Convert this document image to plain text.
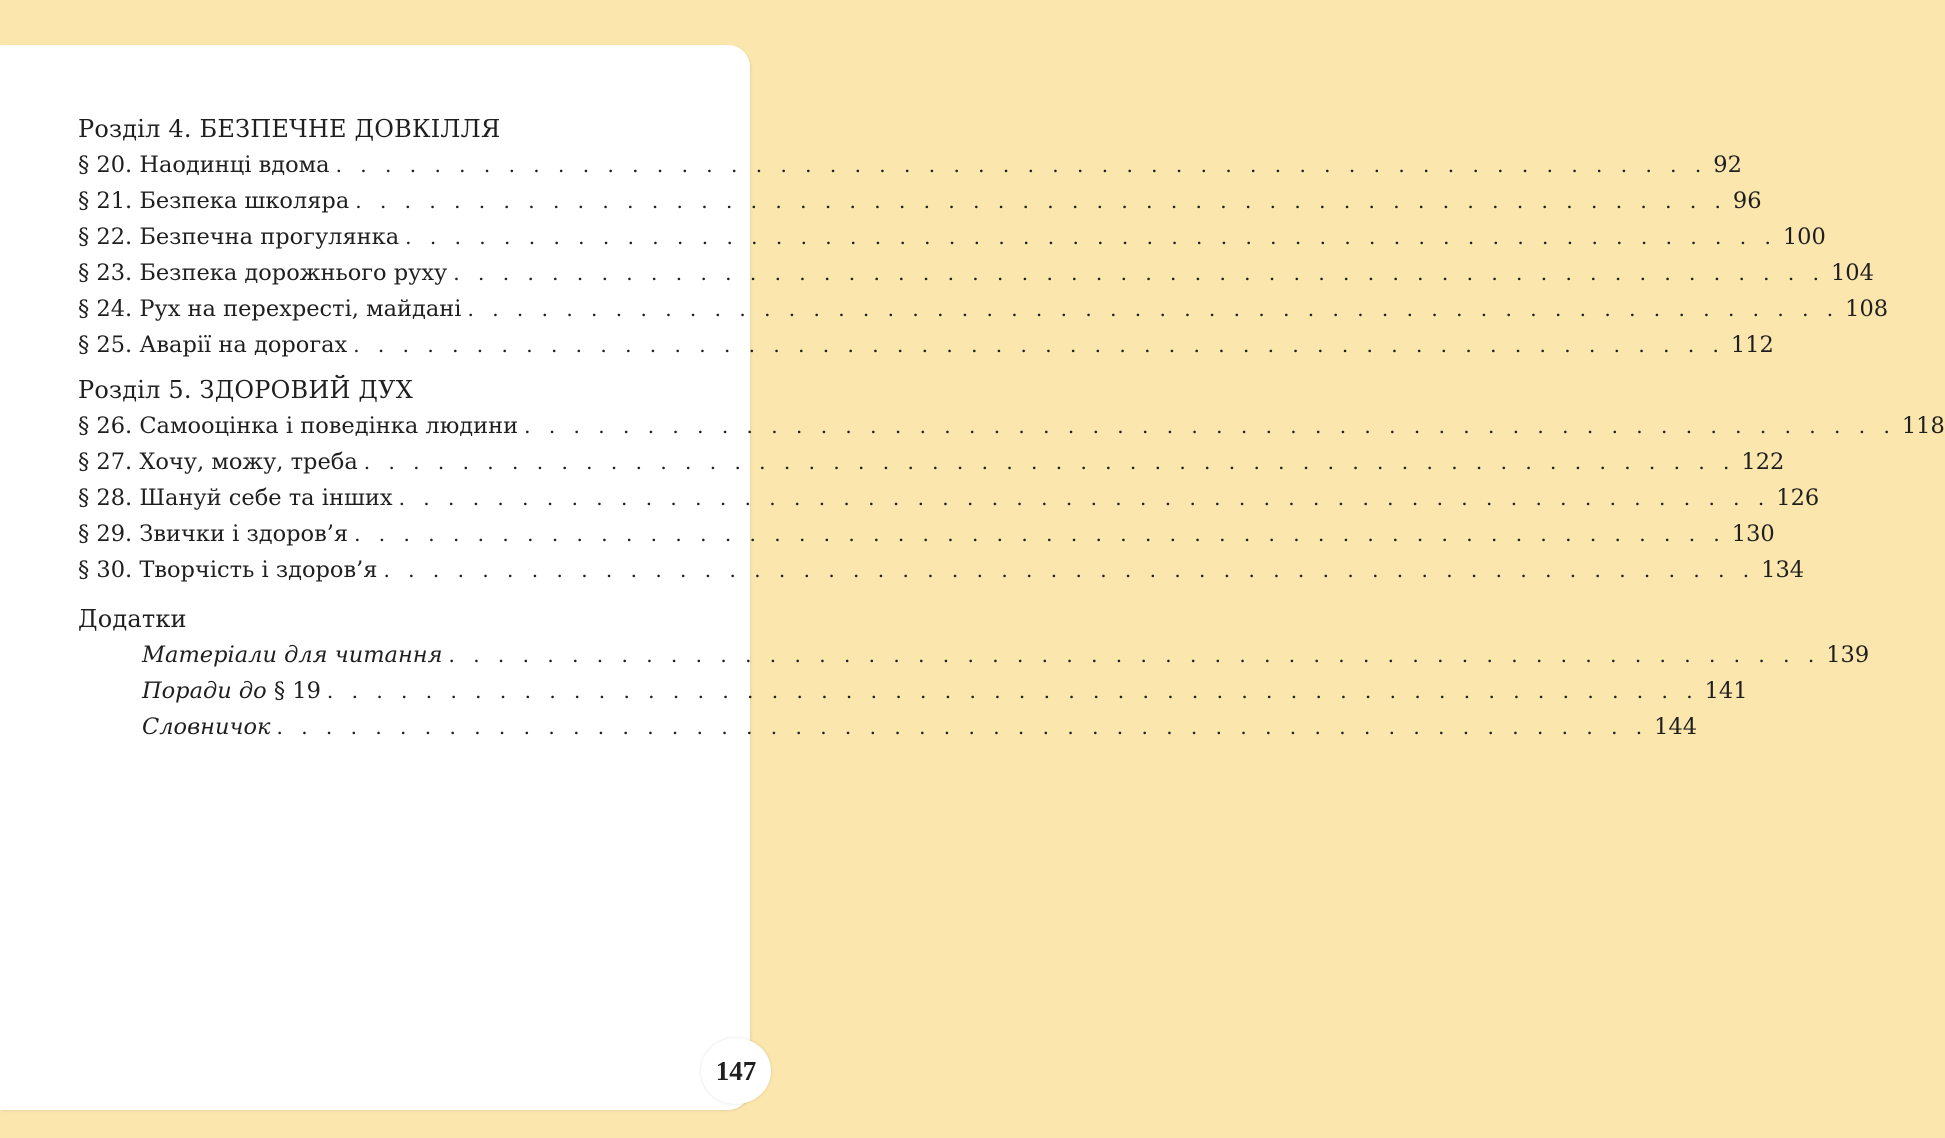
Розділ 4. БЕЗПЕЧНЕ ДОВКІЛЛЯ
§ 20. Наодинці вдома . . . . . . . . . . . . . . . . . . . . . . . . . . . . . . . . . . . . . . . . . . . . . . . . . . . . . . . . 92
§ 21. Безпека школяра . . . . . . . . . . . . . . . . . . . . . . . . . . . . . . . . . . . . . . . . . . . . . . . . . . . . . . . . 96
§ 22. Безпечна прогулянка . . . . . . . . . . . . . . . . . . . . . . . . . . . . . . . . . . . . . . . . . . . . . . . . . . . . . . . . 100
§ 23. Безпека дорожнього руху . . . . . . . . . . . . . . . . . . . . . . . . . . . . . . . . . . . . . . . . . . . . . . . . . . . . . . . . 104
§ 24. Рух на перехресті, майдані . . . . . . . . . . . . . . . . . . . . . . . . . . . . . . . . . . . . . . . . . . . . . . . . . . . . . . . . 108
§ 25. Аварії на дорогах . . . . . . . . . . . . . . . . . . . . . . . . . . . . . . . . . . . . . . . . . . . . . . . . . . . . . . . . 112
Розділ 5. ЗДОРОВИЙ ДУХ
§ 26. Самооцінка і поведінка людини . . . . . . . . . . . . . . . . . . . . . . . . . . . . . . . . . . . . . . . . . . . . . . . . . . . . . . . . 118
§ 27. Хочу, можу, треба . . . . . . . . . . . . . . . . . . . . . . . . . . . . . . . . . . . . . . . . . . . . . . . . . . . . . . . . 122
§ 28. Шануй себе та інших . . . . . . . . . . . . . . . . . . . . . . . . . . . . . . . . . . . . . . . . . . . . . . . . . . . . . . . . 126
§ 29. Звички і здоров’я . . . . . . . . . . . . . . . . . . . . . . . . . . . . . . . . . . . . . . . . . . . . . . . . . . . . . . . . 130
§ 30. Творчість і здоров’я . . . . . . . . . . . . . . . . . . . . . . . . . . . . . . . . . . . . . . . . . . . . . . . . . . . . . . . . 134
Додатки
Матеріали для читання . . . . . . . . . . . . . . . . . . . . . . . . . . . . . . . . . . . . . . . . . . . . . . . . . . . . . . . . 139
Поради до § 19 . . . . . . . . . . . . . . . . . . . . . . . . . . . . . . . . . . . . . . . . . . . . . . . . . . . . . . . . 141
Словничок . . . . . . . . . . . . . . . . . . . . . . . . . . . . . . . . . . . . . . . . . . . . . . . . . . . . . . . . 144
147
